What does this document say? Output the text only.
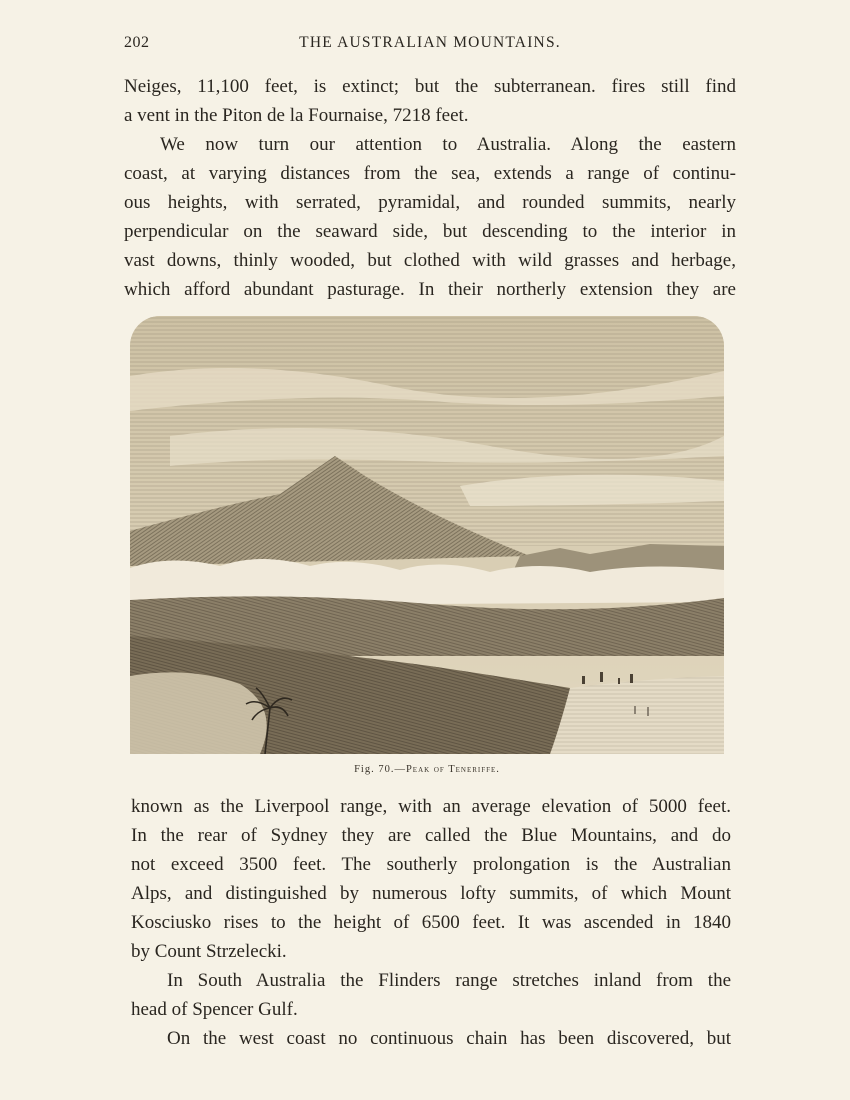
202	THE AUSTRALIAN MOUNTAINS.
Neiges, 11,100 feet, is extinct; but the subterranean. fires still find
a vent in the Piton de la Fournaise, 7218 feet.
We now turn our attention to Australia. Along the eastern
coast, at varying distances from the sea, extends a range of continu-
ous heights, with serrated, pyramidal, and rounded summits, nearly
perpendicular on the seaward side, but descending to the interior in
vast downs, thinly wooded, but clothed with wild grasses and herbage,
which afford abundant pasturage. In their northerly extension they are
Fig. 70.—Peak of Teneriffe.
known as the Liverpool range, with an average elevation of 5000 feet.
In the rear of Sydney they are called the Blue Mountains, and do
not exceed 3500 feet. The southerly prolongation is the Australian
Alps, and distinguished by numerous lofty summits, of which Mount
Kosciusko rises to the height of 6500 feet. It was ascended in 1840
by Count Strzelecki.
In South Australia the Flinders range stretches inland from the
head of Spencer Gulf.
On the west coast no continuous chain has been discovered, but
